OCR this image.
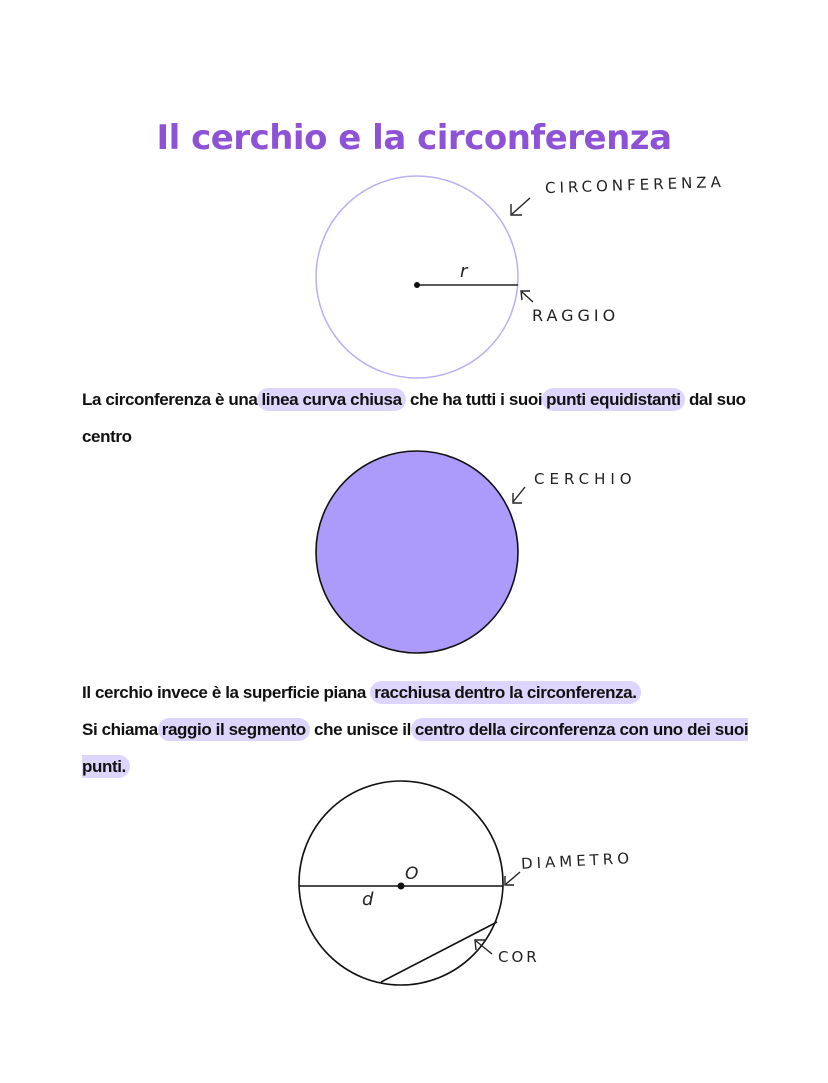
Il cerchio e la circonferenza
CIRCONFERENZA
RAGGIO
r
CERCHIO
DIAMETRO
COR
O
d
La circonferenza è una linea curva chiusa che ha tutti i suoi punti equidistanti dal suo centro
Il cerchio invece è la superficie piana racchiusa dentro la circonferenza.
Si chiama raggio il segmento che unisce il centro della circonferenza con uno dei suoi punti.
